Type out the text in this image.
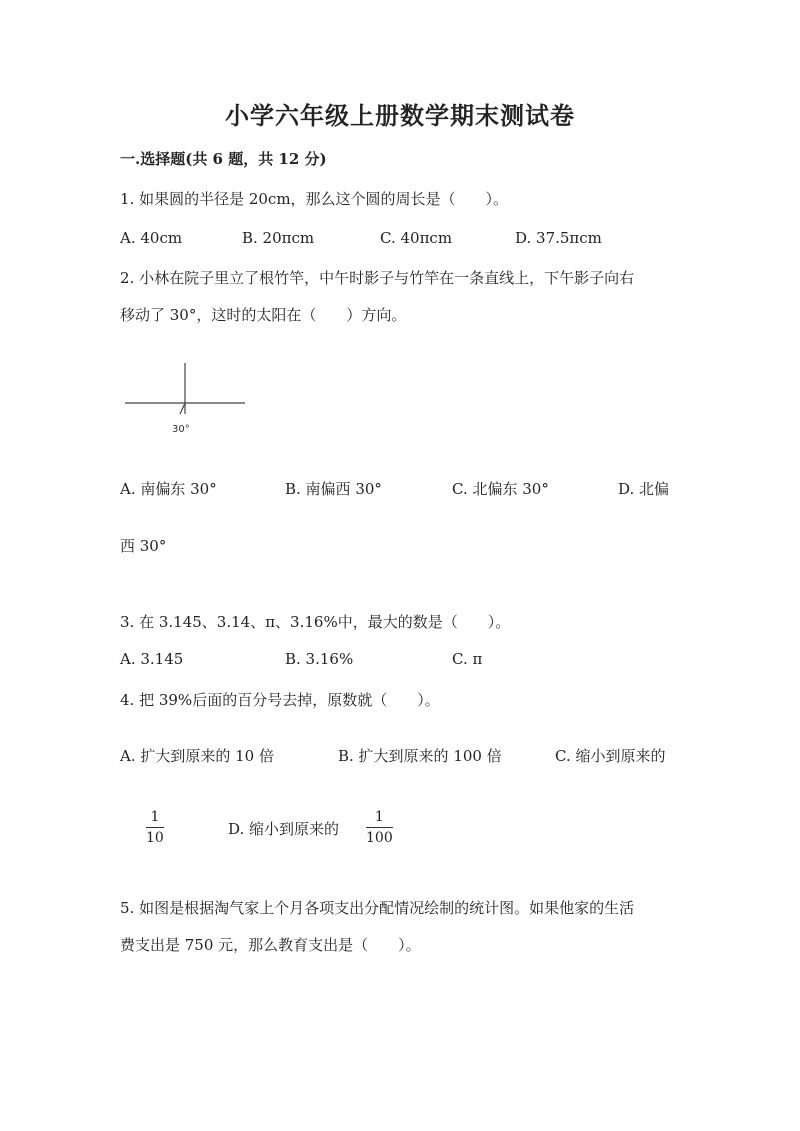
小学六年级上册数学期末测试卷
一.选择题(共 6 题，共 12 分)
1. 如果圆的半径是 20cm，那么这个圆的周长是（　　）。
A. 40cm	B. 20πcm	C. 40πcm	D. 37.5πcm
2. 小林在院子里立了根竹竿，中午时影子与竹竿在一条直线上，下午影子向右
移动了 30°，这时的太阳在（　　）方向。
30°
A. 南偏东 30°	B. 南偏西 30°	C. 北偏东 30°	D. 北偏
西 30°
3. 在 3.145、3.14、π、3.16%中，最大的数是（　　）。
A. 3.145	B. 3.16%	C. π
4. 把 39%后面的百分号去掉，原数就（　　）。
A. 扩大到原来的 10 倍	B. 扩大到原来的 100 倍	C. 缩小到原来的
1
10	D. 缩小到原来的
1
100
5. 如图是根据淘气家上个月各项支出分配情况绘制的统计图。如果他家的生活
费支出是 750 元，那么教育支出是（　　）。
